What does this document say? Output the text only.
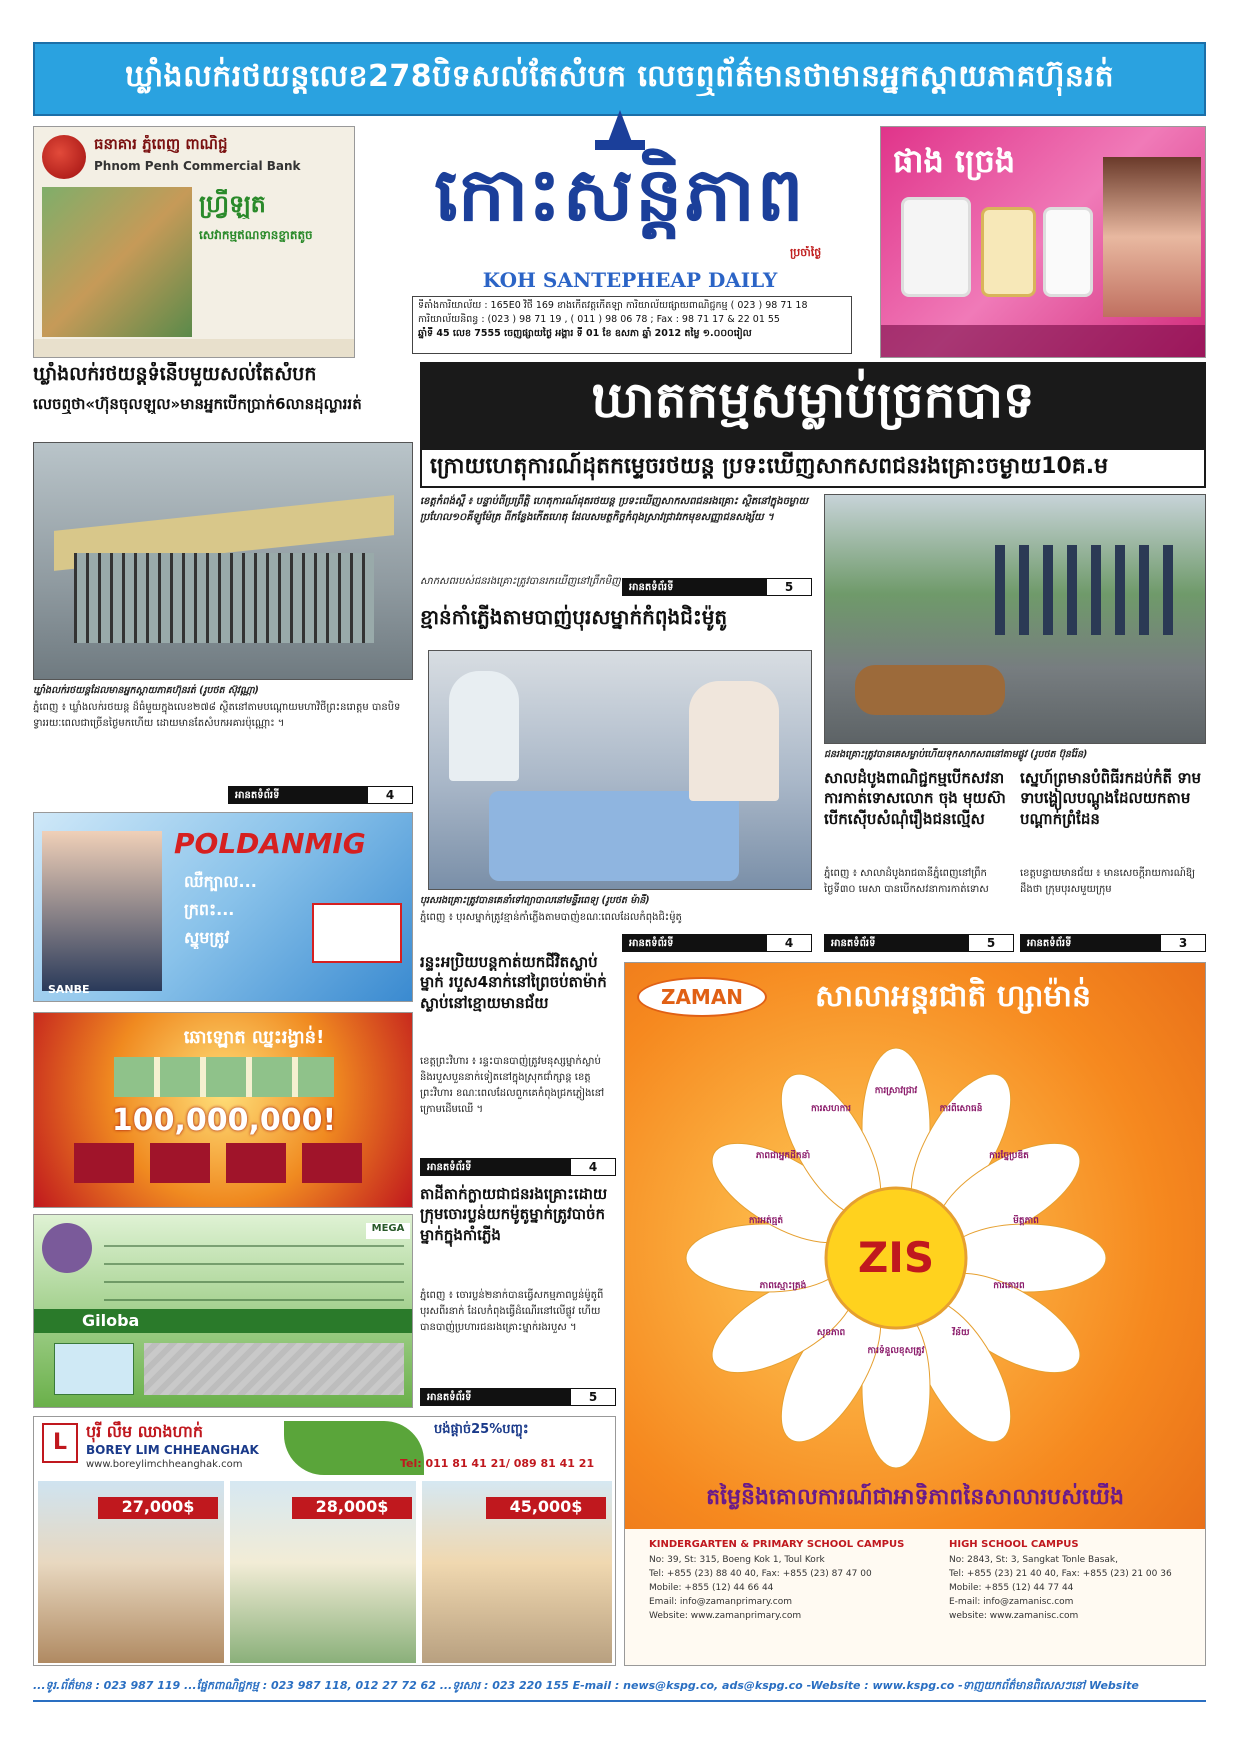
ឃ្លាំងលក់រថយន្តលេខ278បិទសល់តែសំបក លេចឮព័ត៌មានថាមានអ្នកស្ដាយភាគហ៊ុនរត់
ធនាគារ ភ្នំពេញ ពាណិជ្ជ
Phnom Penh Commercial Bank
ហ្វ្រីឡូត
សេវាកម្មឥណទានខ្នាតតូច	កោះសន្តិភាព
ប្រចាំថ្ងៃ
KOH SANTEPHEAP DAILY
ទីតាំងការិយាល័យ : 165E0 វិថី 169 ខាងកើតវត្តកើតឡា ការិយាល័យផ្សាយពាណិជ្ជកម្ម ( 023 ) 98 71 18
ការិយាល័យនិពន្ធ : (023 ) 98 71 19 , ( 011 ) 98 06 78 ; Fax : 98 71 17 & 22 01 55
ឆ្នាំទី 45 លេខ 7555 ចេញផ្សាយថ្ងៃ អង្គារ ទី 01 ខែ ឧសភា ឆ្នាំ 2012 តម្លៃ ១.០០០រៀល
ផាង ច្រេង
ឃ្លាំងលក់រថយន្តទំនើបមួយសល់តែសំបក
លេចឮថា«ហ៊ុនចុលឡូល»មានអ្នកបើកប្រាក់6លានដុល្លាររត់
ឃ្លាំងលក់រថយន្តដែលមានអ្នកស្តាយភាគហ៊ុនរត់ (រូបថត ស៊ុវណ្ណា)
ភ្នំពេញ ៖ ឃ្លាំងលក់រថយន្ត ដ៏ធំមួយក្នុងលេខ២៧៨ ស្ថិតនៅតាមបណ្ដោយមហាវិថីព្រះនរោត្តម បានបិទទ្វាររយៈពេលជាច្រើនថ្ងៃមកហើយ ដោយមានតែសំបកអគារប៉ុណ្ណោះ ។
អានតទំព័រទី	4
ឃាតកម្មសម្លាប់ច្រកបាទ
ក្រោយហេតុការណ៍ដុតកម្ទេចរថយន្ត ប្រទះឃើញសាកសពជនរងគ្រោះចម្ងាយ10គ.ម
ខេត្តកំពង់ស្ពឺ ៖ បន្ទាប់ពីប្រព្រឹត្តិ ហេតុការណ៍ដុតរថយន្ត ប្រទះឃើញសាកសពជនរងគ្រោះ ស្ថិតនៅក្នុងចម្ងាយប្រហែល១០គីឡូម៉ែត្រ ពីកន្លែងកើតហេតុ ដែលសមត្ថកិច្ចកំពុងស្រាវជ្រាវរកមុខសញ្ញាជនសង្ស័យ ។
សាកសពរបស់ជនរងគ្រោះត្រូវបានរកឃើញនៅព្រឹកមិញ អានតទំព័រទី	5
ជនរងគ្រោះត្រូវបានគេសម្លាប់ហើយទុកសាកសពនៅតាមផ្លូវ (រូបថត ប៊ុនរ៉ែន)
ខ្មាន់កាំភ្លើងតាមបាញ់បុរសម្នាក់កំពុងជិះម៉ូតូ
បុរសរងគ្រោះត្រូវបានគេនាំទៅព្យាបាលនៅមន្ទីរពេទ្យ (រូបថត ម៉ានី)
ភ្នំពេញ ៖ បុរសម្នាក់ត្រូវខ្មាន់កាំភ្លើងតាមបាញ់ខណៈពេលដែលកំពុងជិះម៉ូតូ
អានតទំព័រទី	4
សាលដំបូងពាណិជ្ជកម្មបើកសវនាការកាត់ទោសលោក ចុង មុយស៊ា បើកស៊ើបសំណុំរឿងជនល្មើស
ភ្នំពេញ ៖ សាលាដំបូងរាជធានីភ្នំពេញនៅព្រឹកថ្ងៃទី៣០ មេសា បានបើកសវនាការកាត់ទោស
អានតទំព័រទី	5
ស្នេហ៍ព្រមានបំពិធីរកដប់កំតី ទាមទាបង្ហៀលបណ្ដូងដែលយកតាមបណ្ដាក់ព្រំដែន
ខេត្តបន្ទាយមានជ័យ ៖ មានសេចក្ដីរាយការណ៍ឱ្យដឹងថា ក្រុមបុរសមួយក្រុម
អានតទំព័រទី	3
POLDANMIG
ឈឺក្បាល...
ក្រពះ...
ស្នូមត្រូវ
SANBE
ឆោឡ្នោត ឈ្នះរង្វាន់!
100,000,000!
Giloba
MEGA
រន្ទះអប្រិយបន្តកាត់យកជីវិតស្លាប់ម្នាក់ របួស4នាក់នៅព្រៃចប់តាម៉ាក់ស្លាប់នៅខ្មោយមានជ័យ
ខេត្តព្រះវិហារ ៖ រន្ទះបានបាញ់ត្រូវមនុស្សម្នាក់ស្លាប់ និងរបួសបួននាក់ទៀតនៅក្នុងស្រុកជាំក្សាន្ត ខេត្តព្រះវិហារ ខណៈពេលដែលពួកគេកំពុងជ្រកភ្លៀងនៅក្រោមដើមឈើ ។
អានតទំព័រទី	4
តាដីតាក់ក្លាយជាជនរងគ្រោះដោយក្រុមចោរប្លន់យកម៉ូតូម្នាក់ត្រូវបាច់ក ម្នាក់ក្នុងកាំភ្លើង
ភ្នំពេញ ៖ ចោរប្លន់២នាក់បានធ្វើសកម្មភាពប្លន់ម៉ូតូពីបុរសពីរនាក់ ដែលកំពុងធ្វើដំណើរនៅលើផ្លូវ ហើយបានបាញ់ប្រហារជនរងគ្រោះម្នាក់រងរបួស ។
អានតទំព័រទី	5
ZAMAN	សាលាអន្តរជាតិ ហ្សាម៉ាន់
ការស្រាវជ្រាវ
ការពិសោធន៍
ការច្នៃប្រឌិត
មិត្តភាព
ការគោរព
វិន័យ
ការទំនួលខុសត្រូវ
សុខភាព
ភាពស្មោះត្រង់
ការអត់ធ្មត់
ភាពជាអ្នកដឹកនាំ
ការសហការ
ZIS
តម្លៃនិងគោលការណ៍ជាអាទិភាពនៃសាលារបស់យើង
KINDERGARTEN & PRIMARY SCHOOL CAMPUS
No: 39, St: 315, Boeng Kok 1, Toul Kork
Tel: +855 (23) 88 40 40, Fax: +855 (23) 87 47 00
Mobile: +855 (12) 44 66 44
Email: info@zamanprimary.com
Website: www.zamanprimary.com
HIGH SCHOOL CAMPUS
No: 2843, St: 3, Sangkat Tonle Basak,
Tel: +855 (23) 21 40 40, Fax: +855 (23) 21 00 36
Mobile: +855 (12) 44 77 44
E-mail: info@zamanisc.com
website: www.zamanisc.com
L	បុរី លឹម ឈាងហាក់
BOREY LIM CHHEANGHAK
www.boreylimchheanghak.com
បង់ផ្តាច់25%បញ្ចុះ
Tel: 011 81 41 21/ 089 81 41 21
27,000$	28,000$	45,000$
...ទូរ.ព័ត៌មាន : 023 987 119 ...ផ្នែកពាណិជ្ជកម្ម : 023 987 118, 012 27 72 62 ...ទូរសារ : 023 220 155 E-mail : news@kspg.co, ads@kspg.co -Website : www.kspg.co -ទាញយកព័ត៌មានពិសេសៗនៅ Website
